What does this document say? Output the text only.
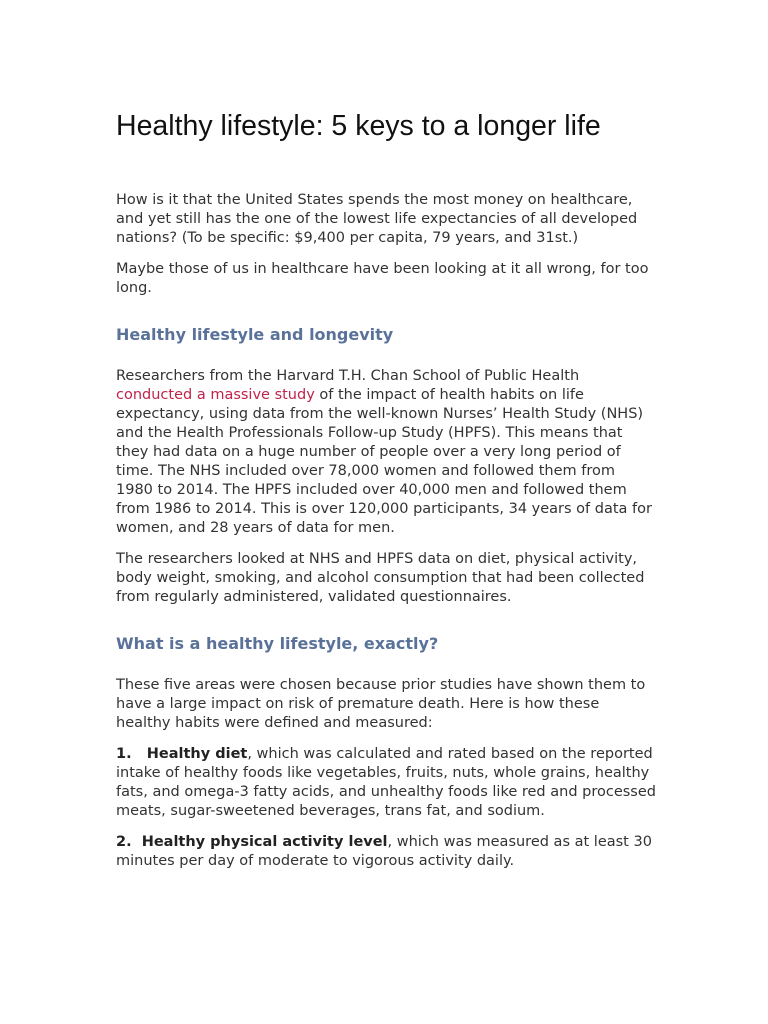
Healthy lifestyle: 5 keys to a longer life

How is it that the United States spends the most money on healthcare, and yet still has the one of the lowest life expectancies of all developed nations? (To be specific: $9,400 per capita, 79 years, and 31st.)

Maybe those of us in healthcare have been looking at it all wrong, for too long.

Healthy lifestyle and longevity

Researchers from the Harvard T.H. Chan School of Public Health conducted a massive study of the impact of health habits on life expectancy, using data from the well-known Nurses’ Health Study (NHS) and the Health Professionals Follow-up Study (HPFS). This means that they had data on a huge number of people over a very long period of time. The NHS included over 78,000 women and followed them from 1980 to 2014. The HPFS included over 40,000 men and followed them from 1986 to 2014. This is over 120,000 participants, 34 years of data for women, and 28 years of data for men.

The researchers looked at NHS and HPFS data on diet, physical activity, body weight, smoking, and alcohol consumption that had been collected from regularly administered, validated questionnaires.

What is a healthy lifestyle, exactly?

These five areas were chosen because prior studies have shown them to have a large impact on risk of premature death. Here is how these healthy habits were defined and measured:

1.   Healthy diet, which was calculated and rated based on the reported intake of healthy foods like vegetables, fruits, nuts, whole grains, healthy fats, and omega-3 fatty acids, and unhealthy foods like red and processed meats, sugar-sweetened beverages, trans fat, and sodium.

2.  Healthy physical activity level, which was measured as at least 30 minutes per day of moderate to vigorous activity daily.
